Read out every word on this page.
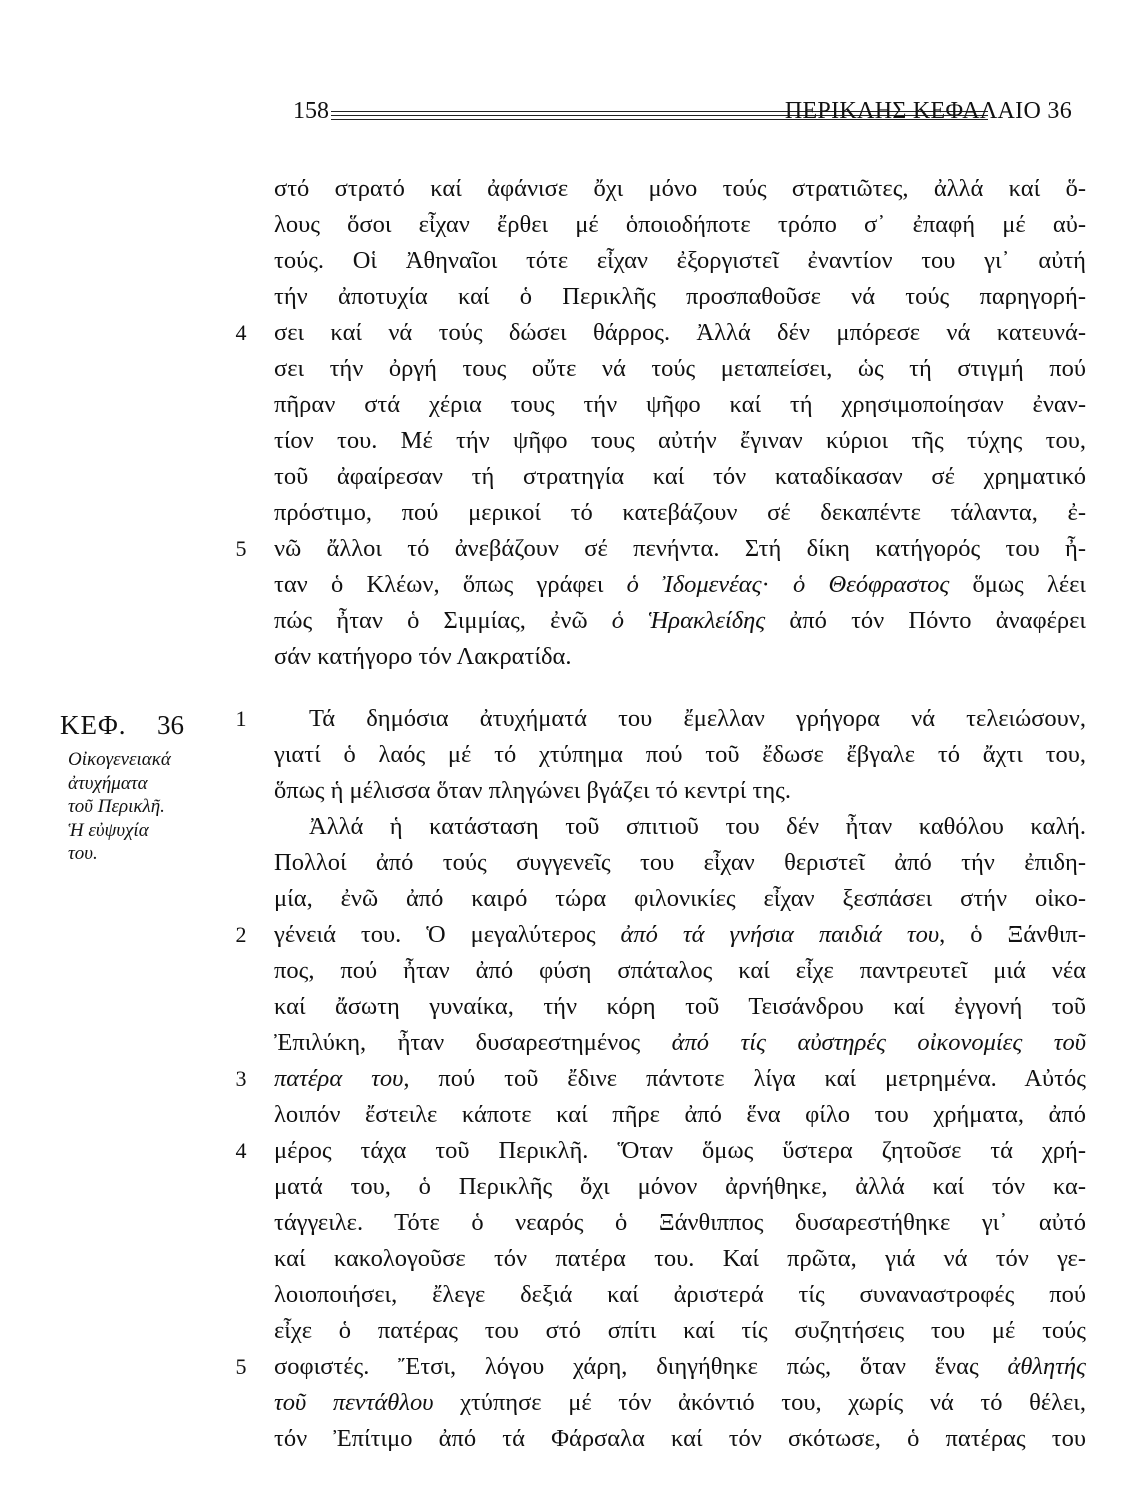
158	ΠΕΡΙΚΛΗΣ ΚΕΦΑΛΑΙΟ 36
4
5
1
2
3
4
5
ΚΕΦ. 36
Οἰκογενειακά
ἀτυχήματα
τοῦ Περικλῆ.
Ἡ εὐψυχία
του.
στό στρατό καί ἀφάνισε ὄχι μόνο τούς στρατιῶτες, ἀλλά καί ὅ-
λους ὅσοι εἶχαν ἔρθει μέ ὁποιοδήποτε τρόπο σ᾽ ἐπαφή μέ αὐ-
τούς. Οἱ Ἀθηναῖοι τότε εἶχαν ἐξοργιστεῖ ἐναντίον του γι᾽ αὐτή
τήν ἀποτυχία καί ὁ Περικλῆς προσπαθοῦσε νά τούς παρηγορή-
σει καί νά τούς δώσει θάρρος. Ἀλλά δέν μπόρεσε νά κατευνά-
σει τήν ὀργή τους οὔτε νά τούς μεταπείσει, ὡς τή στιγμή πού
πῆραν στά χέρια τους τήν ψῆφο καί τή χρησιμοποίησαν ἐναν-
τίον του. Μέ τήν ψῆφο τους αὐτήν ἔγιναν κύριοι τῆς τύχης του,
τοῦ ἀφαίρεσαν τή στρατηγία καί τόν καταδίκασαν σέ χρηματικό
πρόστιμο, πού μερικοί τό κατεβάζουν σέ δεκαπέντε τάλαντα, ἐ-
νῶ ἄλλοι τό ἀνεβάζουν σέ πενήντα. Στή δίκη κατήγορός του ἦ-
ταν ὁ Κλέων, ὅπως γράφει ὁ Ἰδομενέας· ὁ Θεόφραστος ὅμως λέει
πώς ἦταν ὁ Σιμμίας, ἐνῶ ὁ Ἡρακλείδης ἀπό τόν Πόντο ἀναφέρει
σάν κατήγορο τόν Λακρατίδα.
Τά δημόσια ἀτυχήματά του ἔμελλαν γρήγορα νά τελειώσουν,
γιατί ὁ λαός μέ τό χτύπημα πού τοῦ ἔδωσε ἔβγαλε τό ἄχτι του,
ὅπως ἡ μέλισσα ὅταν πληγώνει βγάζει τό κεντρί της.
Ἀλλά ἡ κατάσταση τοῦ σπιτιοῦ του δέν ἦταν καθόλου καλή.
Πολλοί ἀπό τούς συγγενεῖς του εἶχαν θεριστεῖ ἀπό τήν ἐπιδη-
μία, ἐνῶ ἀπό καιρό τώρα φιλονικίες εἶχαν ξεσπάσει στήν οἰκο-
γένειά του. Ὁ μεγαλύτερος ἀπό τά γνήσια παιδιά του, ὁ Ξάνθιπ-
πος, πού ἦταν ἀπό φύση σπάταλος καί εἶχε παντρευτεῖ μιά νέα
καί ἄσωτη γυναίκα, τήν κόρη τοῦ Τεισάνδρου καί ἐγγονή τοῦ
Ἐπιλύκη, ἦταν δυσαρεστημένος ἀπό τίς αὐστηρές οἰκονομίες τοῦ
πατέρα του, πού τοῦ ἔδινε πάντοτε λίγα καί μετρημένα. Αὐτός
λοιπόν ἔστειλε κάποτε καί πῆρε ἀπό ἕνα φίλο του χρήματα, ἀπό
μέρος τάχα τοῦ Περικλῆ. Ὅταν ὅμως ὕστερα ζητοῦσε τά χρή-
ματά του, ὁ Περικλῆς ὄχι μόνον ἀρνήθηκε, ἀλλά καί τόν κα-
τάγγειλε. Τότε ὁ νεαρός ὁ Ξάνθιππος δυσαρεστήθηκε γι᾽ αὐτό
καί κακολογοῦσε τόν πατέρα του. Καί πρῶτα, γιά νά τόν γε-
λοιοποιήσει, ἔλεγε δεξιά καί ἀριστερά τίς συναναστροφές πού
εἶχε ὁ πατέρας του στό σπίτι καί τίς συζητήσεις του μέ τούς
σοφιστές. Ἔτσι, λόγου χάρη, διηγήθηκε πώς, ὅταν ἕνας ἀθλητής
τοῦ πεντάθλου χτύπησε μέ τόν ἀκόντιό του, χωρίς νά τό θέλει,
τόν Ἐπίτιμο ἀπό τά Φάρσαλα καί τόν σκότωσε, ὁ πατέρας του
